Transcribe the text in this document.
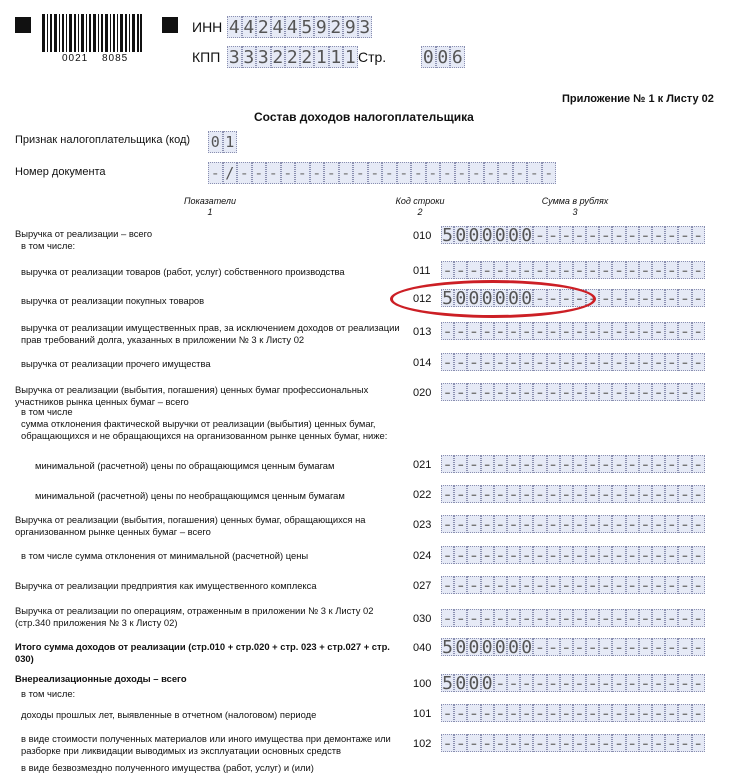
0021 8085
ИНН 4 4 2 4 4 5 9 2 9 3
КПП 3 3 3 2 2 2 1 1 1 Стр. 0 0 6
Приложение № 1 к Листу 02
Состав доходов налогоплательщика
Признак налогоплательщика (код) 0 1
Номер документа	- / - - - - - - - - - - - - - - - - - - - - - -
Показатели
1
Код строки
2
Сумма в рублях
3
Выручка от реализации – всего	010 5 0 0 0 0 0 0 - - - - - - - - - - - - -
в том числе:
выручка от реализации товаров (работ, услуг) собственного производства	011 - - - - - - - - - - - - - - - - - - - -
выручка от реализации покупных товаров	012 5 0 0 0 0 0 0 - - - - - - - - - - - - -
выручка от реализации имущественных прав, за исключением доходов от реализации прав требований долга, указанных в приложении № 3 к Листу 02
013 - - - - - - - - - - - - - - - - - - - -
выручка от реализации прочего имущества	014 - - - - - - - - - - - - - - - - - - - -
Выручка от реализации (выбытия, погашения) ценных бумаг профессиональных участников рынка ценных бумаг – всего
020 - - - - - - - - - - - - - - - - - - - -
в том числе
сумма отклонения фактической выручки от реализации (выбытия) ценных бумаг, обращающихся и не обращающихся на организованном рынке ценных бумаг, ниже:
минимальной (расчетной) цены по обращающимся ценным бумагам	021 - - - - - - - - - - - - - - - - - - - -
минимальной (расчетной) цены по необращающимся ценным бумагам	022 - - - - - - - - - - - - - - - - - - - -
Выручка от реализации (выбытия, погашения) ценных бумаг, обращающихся на организованном рынке ценных бумаг – всего
023 - - - - - - - - - - - - - - - - - - - -
в том числе сумма отклонения от минимальной (расчетной) цены	024 - - - - - - - - - - - - - - - - - - - -
Выручка от реализации предприятия как имущественного комплекса	027 - - - - - - - - - - - - - - - - - - - -
Выручка от реализации по операциям, отраженным в приложении № 3 к Листу 02 (стр.340 приложения № 3 к Листу 02)	030 - - - - - - - - - - - - - - - - - - - -
Итого сумма доходов от реализации (стр.010 + стр.020 + стр. 023 + стр.027 + стр. 030)
040 5 0 0 0 0 0 0 - - - - - - - - - - - - -
Внереализационные доходы – всего	100 5 0 0 0 - - - - - - - - - - - - - - - -
в том числе:
доходы прошлых лет, выявленные в отчетном (налоговом) периоде	101 - - - - - - - - - - - - - - - - - - - -
в виде стоимости полученных материалов или иного имущества при демонтаже или разборке при ликвидации выводимых из эксплуатации основных средств
102 - - - - - - - - - - - - - - - - - - - -
в виде безвозмездно полученного имущества (работ, услуг) и (или)
